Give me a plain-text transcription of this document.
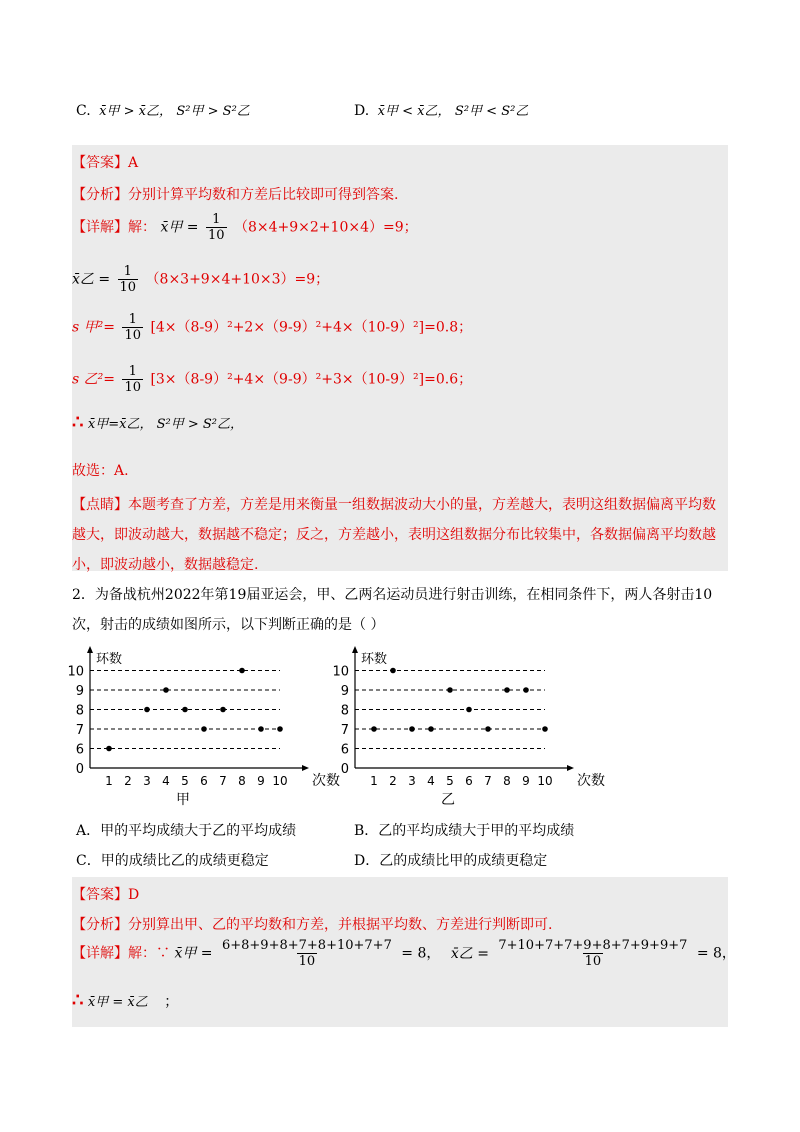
C. x̄甲 > x̄乙， S²甲 > S²乙	D. x̄甲 < x̄乙， S²甲 < S²乙
【答案】A
【分析】分别计算平均数和方差后比较即可得到答案.
【详解】解： x̄甲 = $\frac{1}{10} (8\times 4+9\times 2+10\times 4)=9$；
x̄乙 = $\frac{1}{10} (8\times 3+9\times 4+10\times 3)=9$；
s 甲$^2= \frac{1}{10} [4\times(8-9)^2+2\times(9-9)^2+4\times(10-9)^2]=0.8$；
s 乙$^2= \frac{1}{10} [3\times(8-9)^2+4\times(9-9)^2+3\times(10-9)^2]=0.6$；
∴ x̄甲=x̄乙， S²甲 > S²乙，
故选：A.
【点睛】本题考查了方差，方差是用来衡量一组数据波动大小的量，方差越大，表明这组数据偏离平均数
越大，即波动越大，数据越不稳定；反之，方差越小，表明这组数据分布比较集中，各数据偏离平均数越
小，即波动越小，数据越稳定.
2．为备战杭州2022年第19届亚运会，甲、乙两名运动员进行射击训练，在相同条件下，两人各射击10
次，射击的成绩如图所示，以下判断正确的是（ ）
0
6
7
8
9
10
1 2 3 4 5 6 7 8 9 10
环数
次数
甲
0
6
7
8
9
10
1 2 3 4 5 6 7 8 9 10
环数
次数
乙
A．甲的平均成绩大于乙的平均成绩	B．乙的平均成绩大于甲的平均成绩
C．甲的成绩比乙的成绩更稳定	D．乙的成绩比甲的成绩更稳定
【答案】D
【分析】分别算出甲、乙的平均数和方差，并根据平均数、方差进行判断即可.
【详解】解：∵ x̄甲 = $\frac{6+8+9+8+7+8+10+7+7}{10} = 8$， x̄乙 = $\frac{7+10+7+7+9+8+7+9+9+7}{10} = 8$，
∴ x̄甲 = x̄乙 ；
